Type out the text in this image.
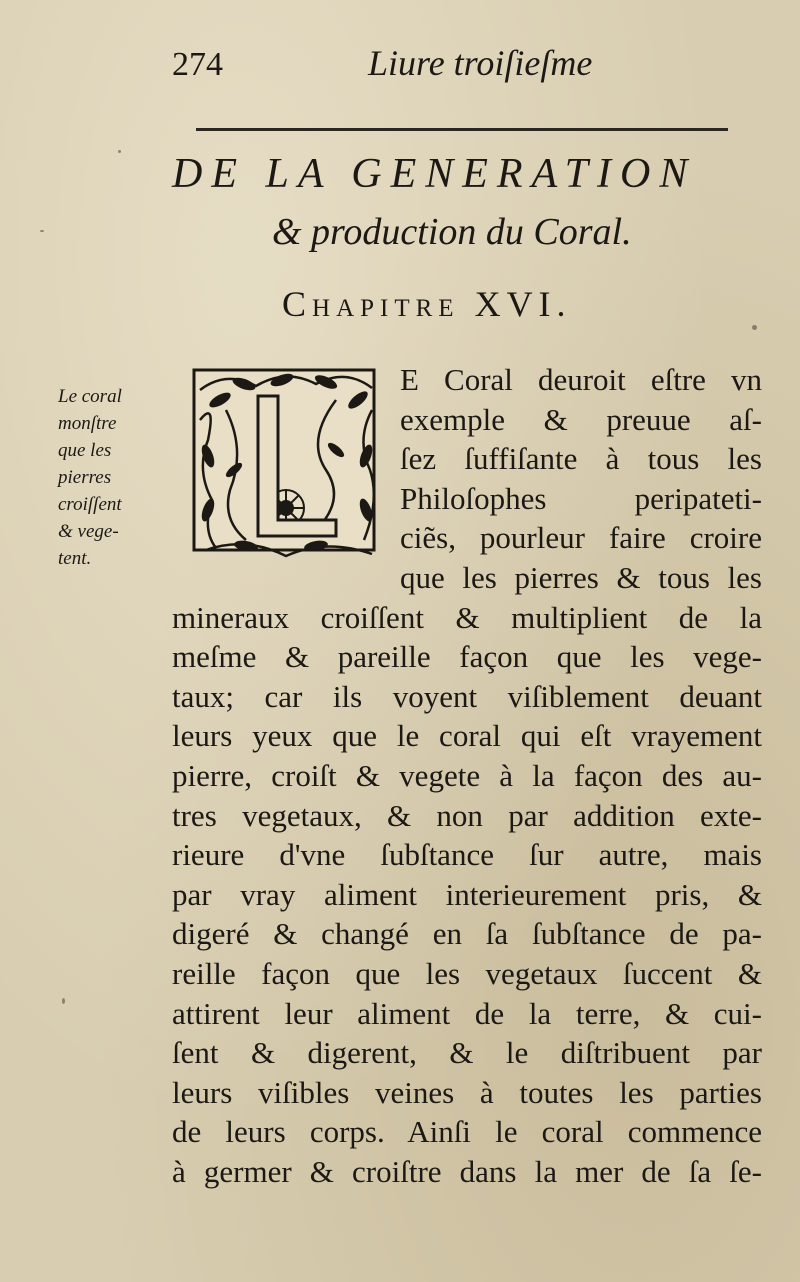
274	Liure troiſieſme
DE LA GENERATION
& production du Coral.
Chapitre XVI.
Le coral
monſtre
que les
pierres
croiſſent
& vege-
tent.
E Coral deuroit eſtre vn
exemple & preuue aſ-
ſez ſuffiſante à tous les
Philoſophes peripateti-
ciẽs, pourleur faire croire
que les pierres & tous les
mineraux croiſſent & multiplient de la
meſme & pareille façon que les vege-
taux; car ils voyent viſiblement deuant
leurs yeux que le coral qui eſt vrayement
pierre, croiſt & vegete à la façon des au-
tres vegetaux, & non par addition exte-
rieure d'vne ſubſtance ſur autre, mais
par vray aliment interieurement pris, &
digeré & changé en ſa ſubſtance de pa-
reille façon que les vegetaux ſuccent &
attirent leur aliment de la terre, & cui-
ſent & digerent, & le diſtribuent par
leurs viſibles veines à toutes les parties
de leurs corps. Ainſi le coral commence
à germer & croiſtre dans la mer de ſa ſe-
